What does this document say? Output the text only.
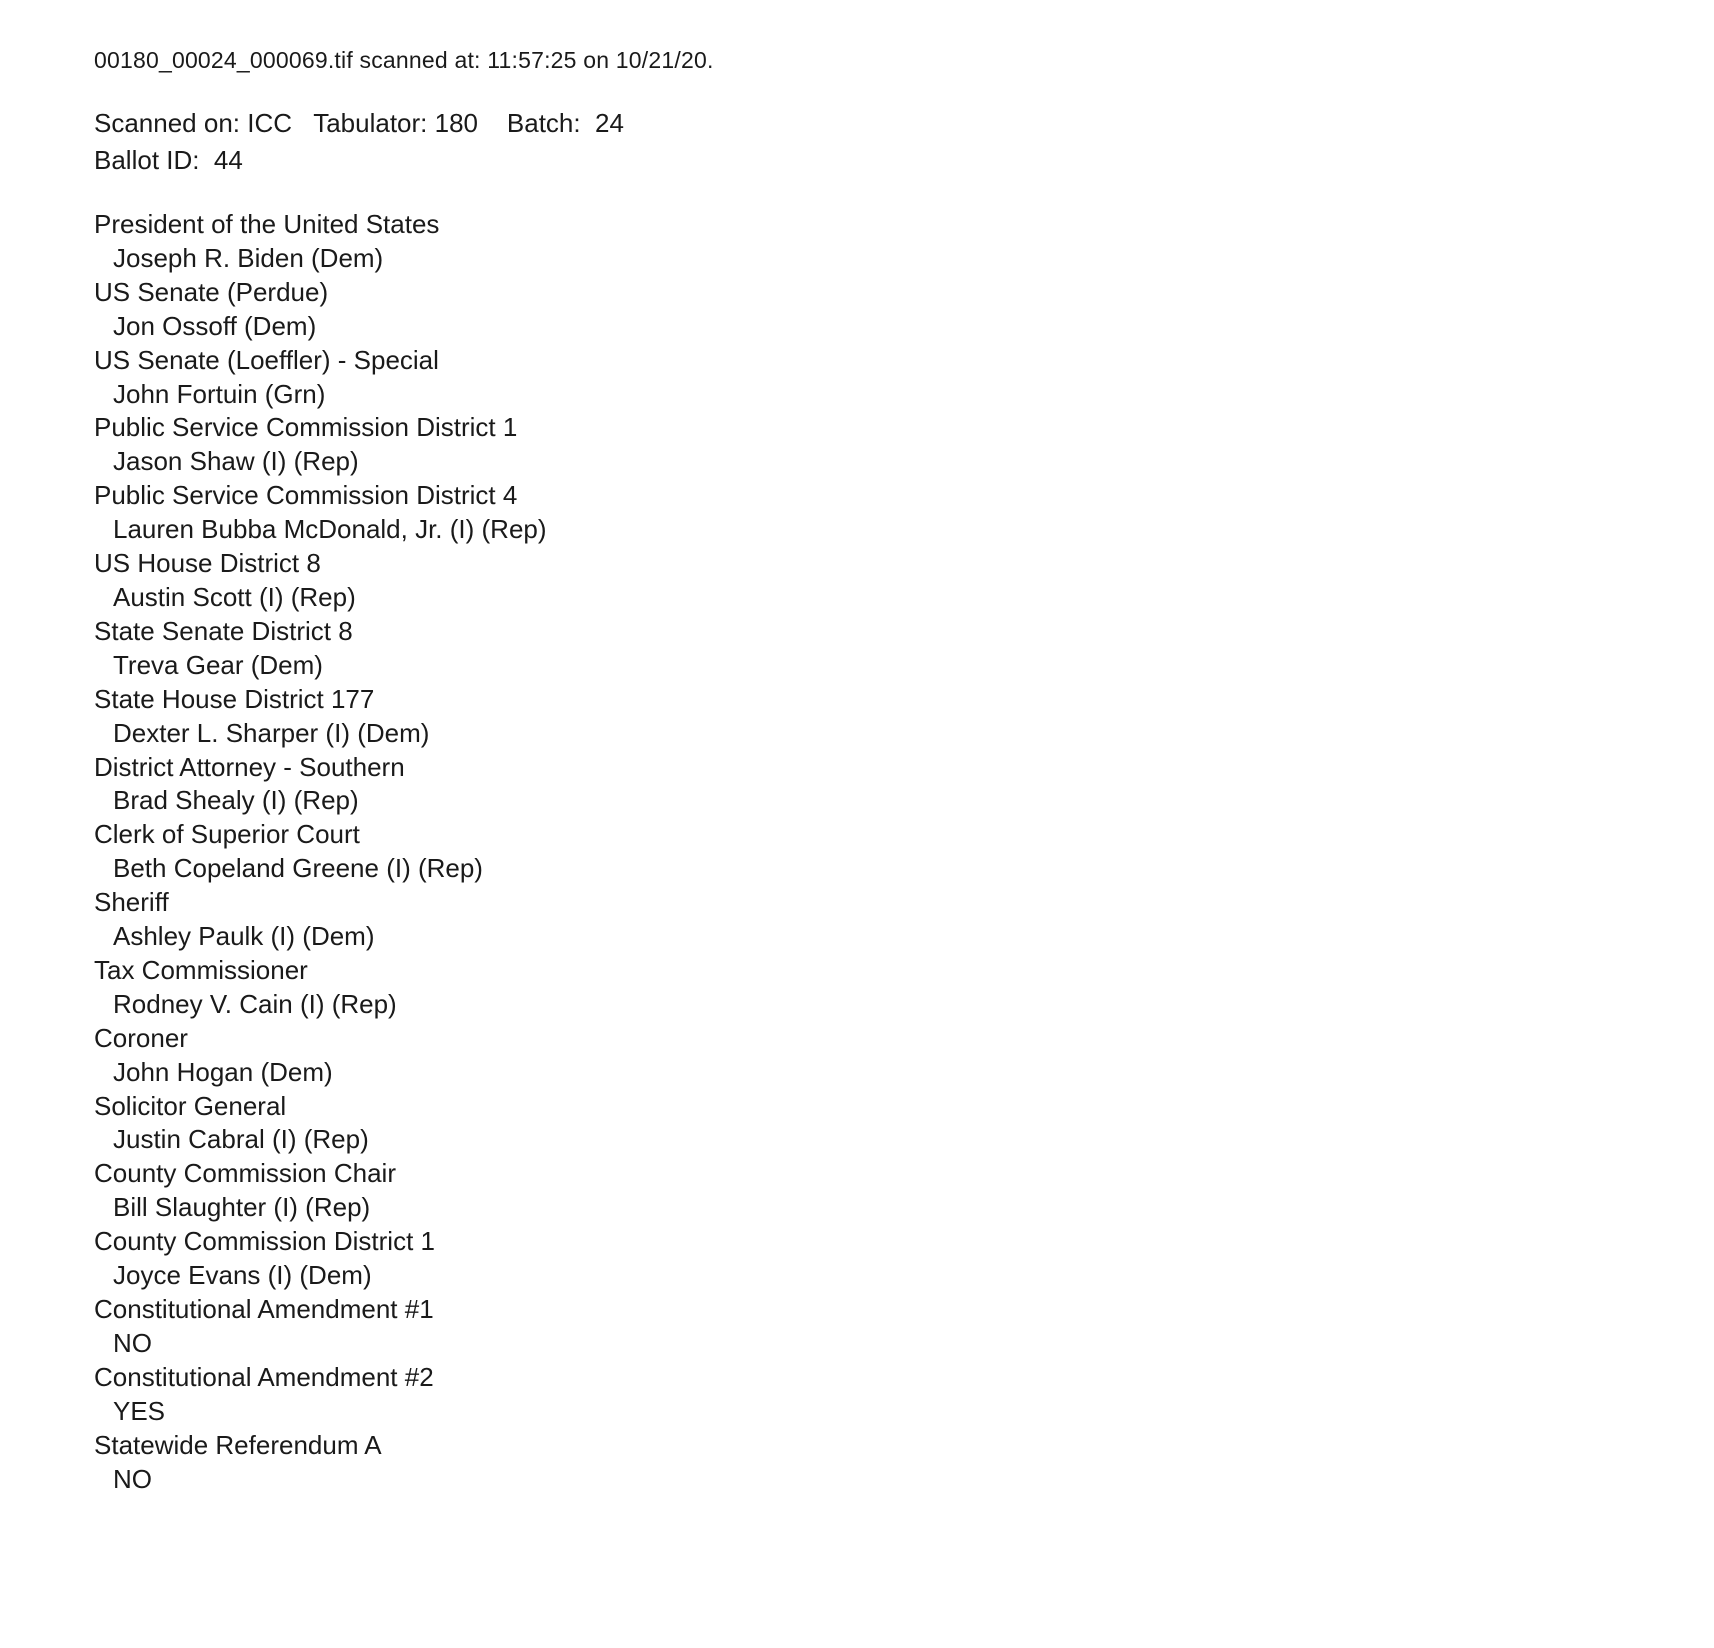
00180_00024_000069.tif scanned at: 11:57:25 on 10/21/20.
Scanned on: ICC   Tabulator: 180    Batch:  24
Ballot ID:  44
President of the United States
Joseph R. Biden (Dem)
US Senate (Perdue)
Jon Ossoff (Dem)
US Senate (Loeffler) - Special
John Fortuin (Grn)
Public Service Commission District 1
Jason Shaw (I) (Rep)
Public Service Commission District 4
Lauren Bubba McDonald, Jr. (I) (Rep)
US House District 8
Austin Scott (I) (Rep)
State Senate District 8
Treva Gear (Dem)
State House District 177
Dexter L. Sharper (I) (Dem)
District Attorney - Southern
Brad Shealy (I) (Rep)
Clerk of Superior Court
Beth Copeland Greene (I) (Rep)
Sheriff
Ashley Paulk (I) (Dem)
Tax Commissioner
Rodney V. Cain (I) (Rep)
Coroner
John Hogan (Dem)
Solicitor General
Justin Cabral (I) (Rep)
County Commission Chair
Bill Slaughter (I) (Rep)
County Commission District 1
Joyce Evans (I) (Dem)
Constitutional Amendment #1
NO
Constitutional Amendment #2
YES
Statewide Referendum A
NO
